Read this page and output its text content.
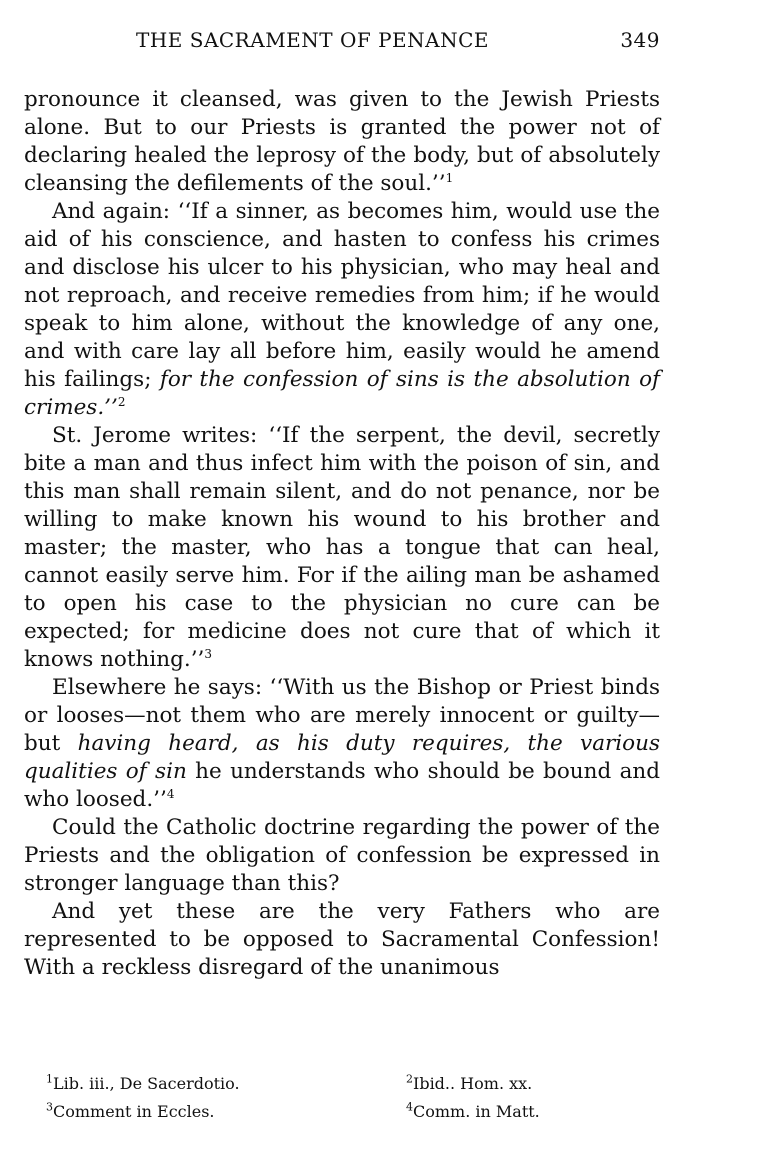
THE SACRAMENT OF PENANCE	349

pronounce it cleansed, was given to the Jewish Priests alone. But to our Priests is granted the power not of declaring healed the leprosy of the body, but of absolutely cleansing the defilements of the soul.’’$^1$

And again: ‘‘If a sinner, as becomes him, would use the aid of his conscience, and hasten to confess his crimes and disclose his ulcer to his physician, who may heal and not reproach, and receive remedies from him; if he would speak to him alone, without the knowledge of any one, and with care lay all before him, easily would he amend his failings; for the confession of sins is the absolution of crimes.’’$^2$

St. Jerome writes: ‘‘If the serpent, the devil, secretly bite a man and thus infect him with the poison of sin, and this man shall remain silent, and do not penance, nor be willing to make known his wound to his brother and master; the master, who has a tongue that can heal, cannot easily serve him. For if the ailing man be ashamed to open his case to the physician no cure can be expected; for medicine does not cure that of which it knows nothing.’’$^3$

Elsewhere he says: ‘‘With us the Bishop or Priest binds or looses—not them who are merely innocent or guilty—but having heard, as his duty requires, the various qualities of sin he understands who should be bound and who loosed.’’$^4$

Could the Catholic doctrine regarding the power of the Priests and the obligation of confession be expressed in stronger language than this?

And yet these are the very Fathers who are represented to be opposed to Sacramental Confession! With a reckless disregard of the unanimous

$^1$Lib. iii., De Sacerdotio.	$^2$Ibid.. Hom. xx.
$^3$Comment in Eccles.	$^4$Comm. in Matt.
